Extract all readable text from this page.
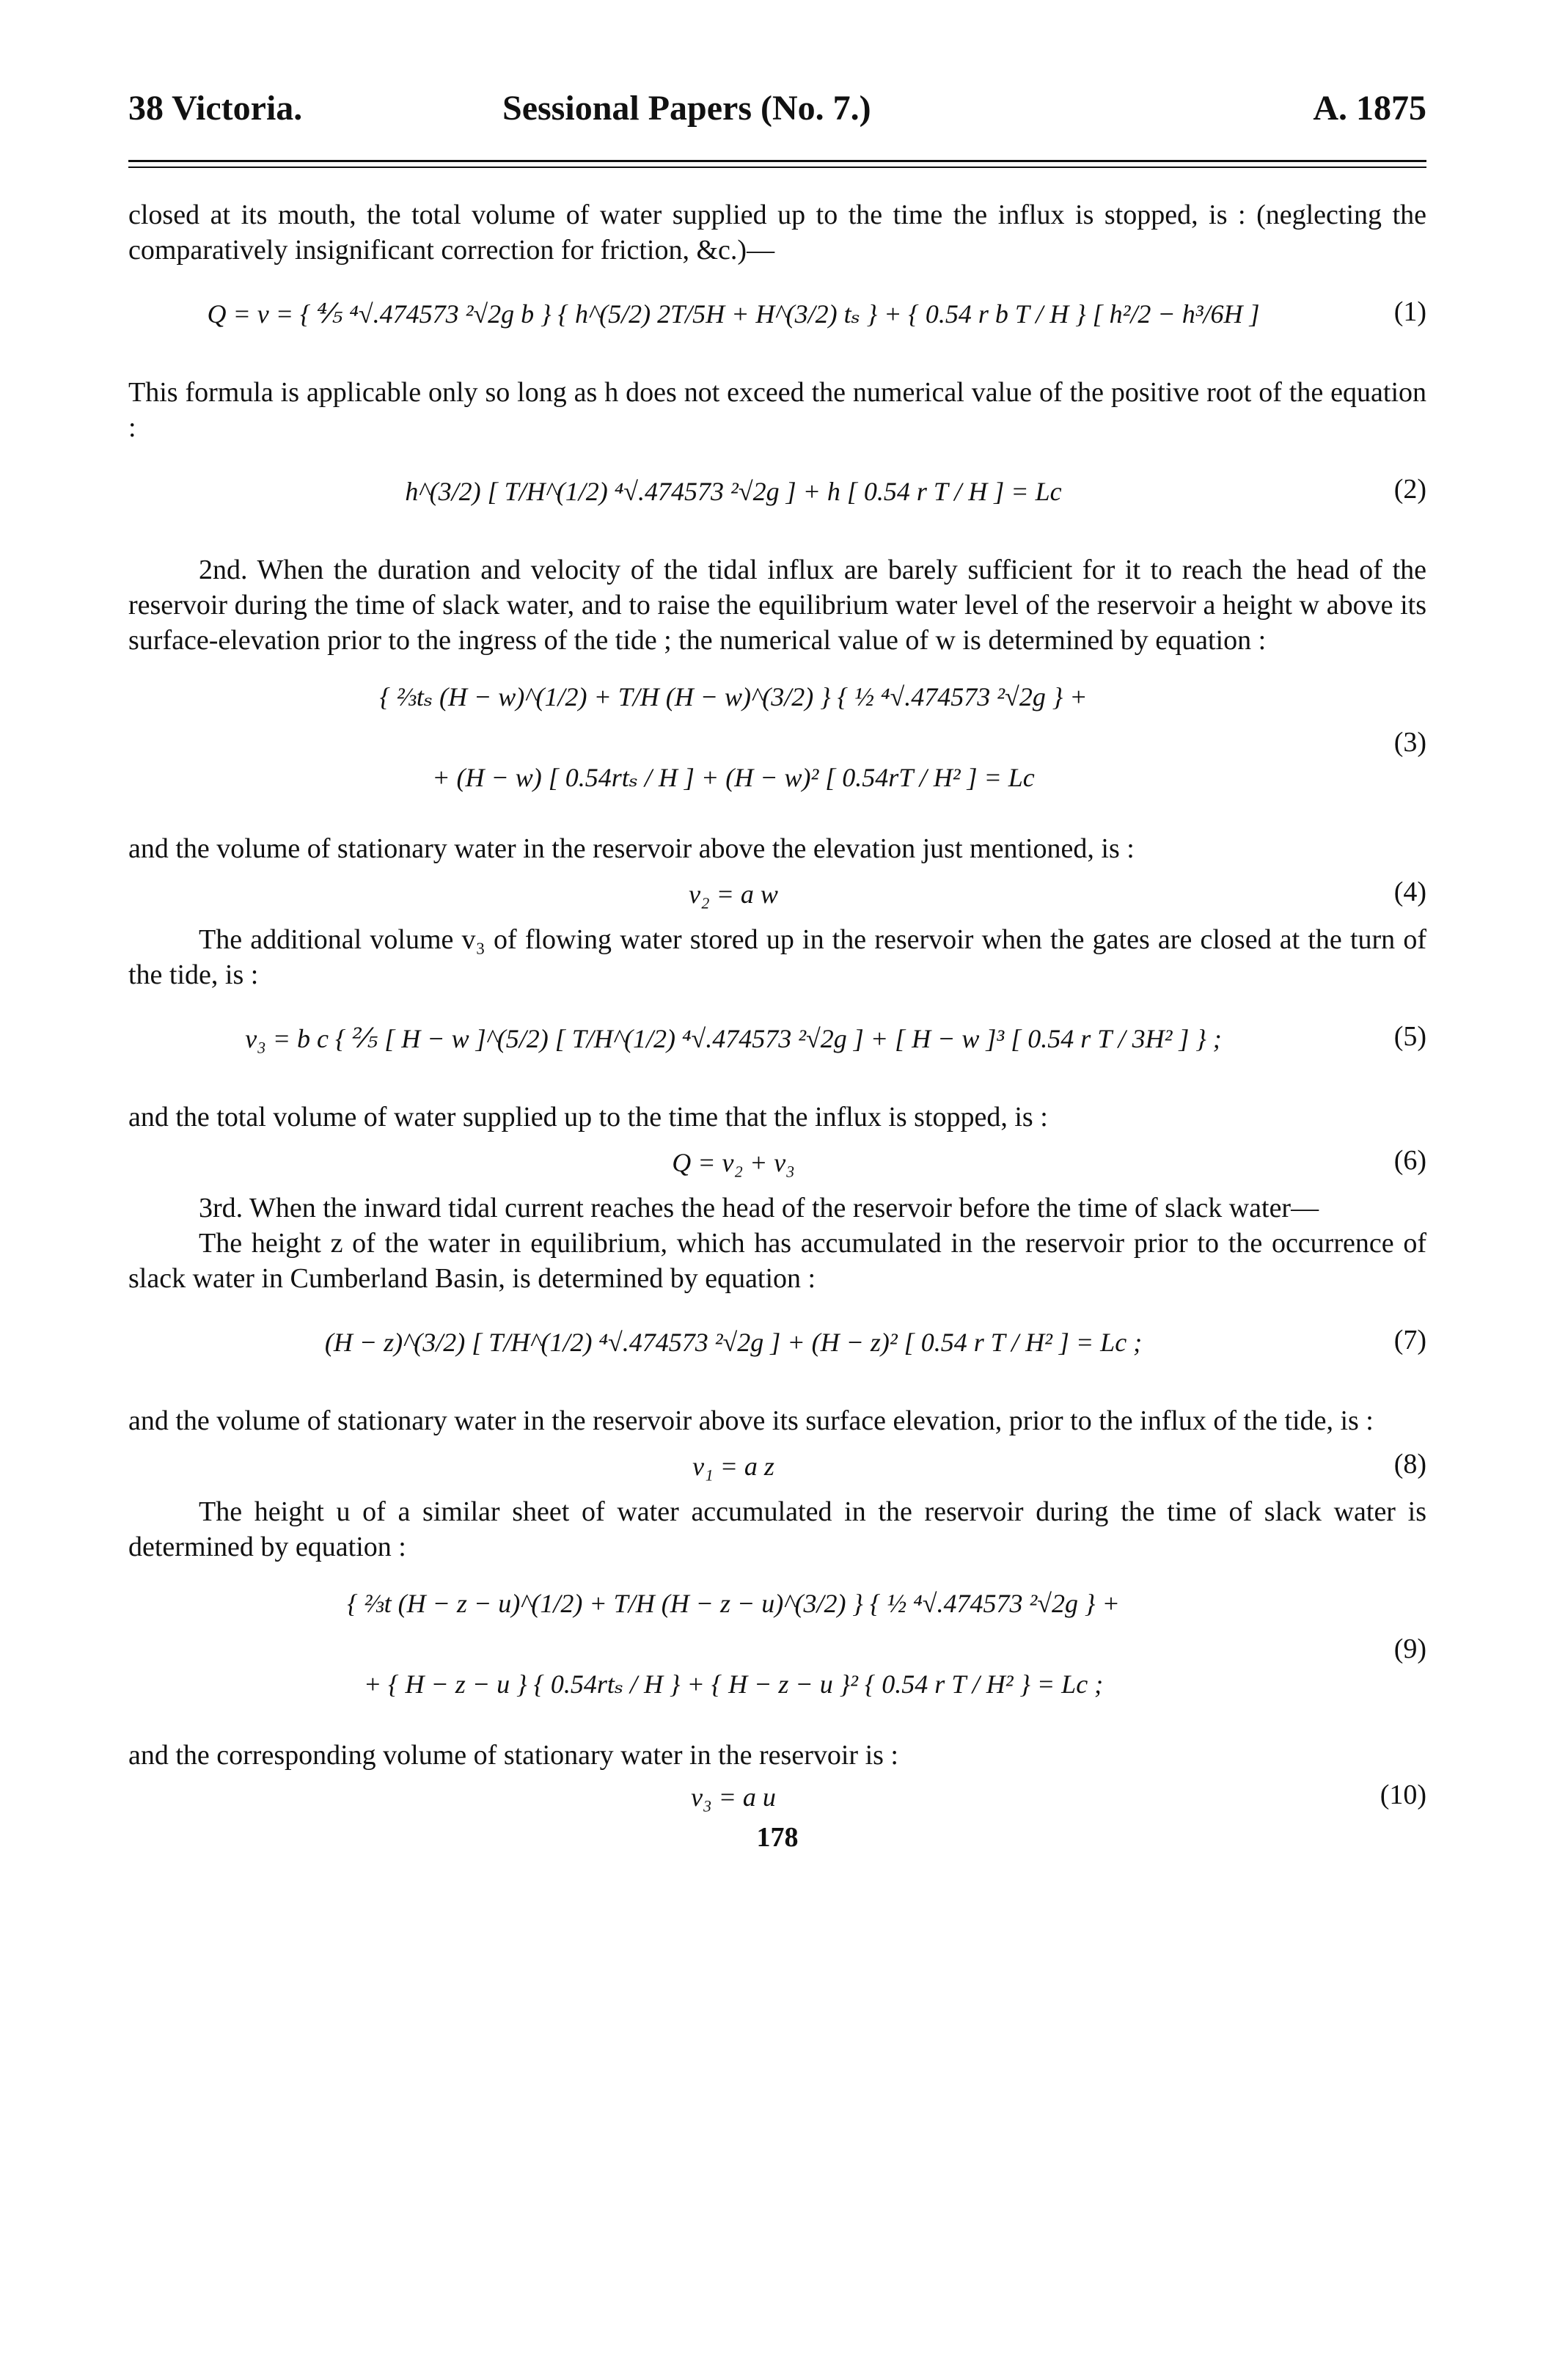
38 Victoria.	Sessional Papers (No. 7.)	A. 1875

closed at its mouth, the total volume of water supplied up to the time the influx is stopped, is : (neglecting the comparatively insignificant correction for friction, &c.)—

Q = v = { ⅘ ⁴√.474573 ²√2g b } { h^(5/2) 2T/5H + H^(3/2) tₛ } + { 0.54 r b T / H } [ h²/2 − h³/6H ]	(1)

This formula is applicable only so long as h does not exceed the numerical value of the positive root of the equation :

h^(3/2) [ T/H^(1/2) ⁴√.474573 ²√2g ] + h [ 0.54 r T / H ] = Lc	(2)

2nd. When the duration and velocity of the tidal influx are barely sufficient for it to reach the head of the reservoir during the time of slack water, and to raise the equilibrium water level of the reservoir a height w above its surface-elevation prior to the ingress of the tide ; the numerical value of w is determined by equation :

{ ⅔tₛ (H − w)^(1/2) + T/H (H − w)^(3/2) } { ½ ⁴√.474573 ²√2g } +
+ (H − w) [ 0.54rtₛ / H ] + (H − w)² [ 0.54rT / H² ] = Lc
(3)

and the volume of stationary water in the reservoir above the elevation just mentioned, is :

v₂ = a w	(4)

The additional volume v₃ of flowing water stored up in the reservoir when the gates are closed at the turn of the tide, is :

v₃ = b c { ⅖ [ H − w ]^(5/2) [ T/H^(1/2) ⁴√.474573 ²√2g ] + [ H − w ]³ [ 0.54 r T / 3H² ] } ;	(5)

and the total volume of water supplied up to the time that the influx is stopped, is :

Q = v₂ + v₃	(6)

3rd. When the inward tidal current reaches the head of the reservoir before the time of slack water—

The height z of the water in equilibrium, which has accumulated in the reservoir prior to the occurrence of slack water in Cumberland Basin, is determined by equation :

(H − z)^(3/2) [ T/H^(1/2) ⁴√.474573 ²√2g ] + (H − z)² [ 0.54 r T / H² ] = Lc ;	(7)

and the volume of stationary water in the reservoir above its surface elevation, prior to the influx of the tide, is :

v₁ = a z	(8)

The height u of a similar sheet of water accumulated in the reservoir during the time of slack water is determined by equation :

{ ⅔t (H − z − u)^(1/2) + T/H (H − z − u)^(3/2) } { ½ ⁴√.474573 ²√2g } +
+ { H − z − u } { 0.54rtₛ / H } + { H − z − u }² { 0.54 r T / H² } = Lc ;
(9)

and the corresponding volume of stationary water in the reservoir is :

v₃ = a u	(10)
178
